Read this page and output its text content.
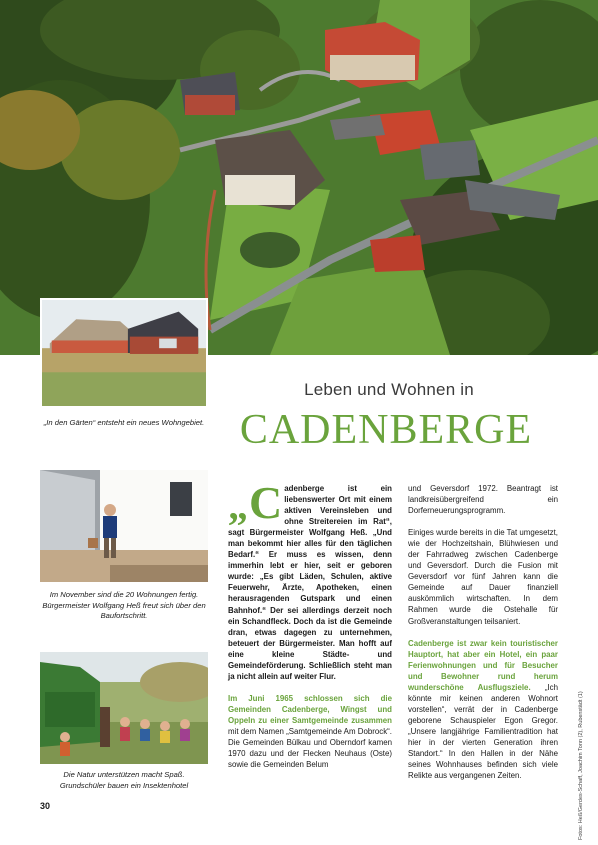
„In den Gärten“ entsteht ein neues Wohngebiet.
Im November sind die 20 Wohnungen fertig. Bürgermeister Wolfgang Heß freut sich über den Baufortschritt.
Die Natur unterstützen macht Spaß. Grundschüler bauen ein Insektenhotel
Leben und Wohnen in
CADENBERGE

„ C adenberge ist ein liebenswerter Ort mit einem aktiven Vereinsleben und ohne Streitereien im Rat“, sagt Bürgermeister Wolfgang Heß. „Und man bekommt hier alles für den täglichen Bedarf.“ Er muss es wissen, denn immerhin lebt er hier, seit er geboren wurde: „Es gibt Läden, Schulen, aktive Feuerwehr, Ärzte, Apotheken, einen herausragenden Gutspark und einen Bahnhof.“ Der sei allerdings derzeit noch ein Schandfleck. Doch da ist die Gemeinde dran, etwas dagegen zu unternehmen, beteuert der Bürgermeister. Man hofft auf eine kleine Städte- und Gemeindeförderung. Schließlich steht man ja nicht allein auf weiter Flur.

Im Juni 1965 schlossen sich die Gemeinden Cadenberge, Wingst und Oppeln zu einer Samtgemeinde zusammen mit dem Namen „Samtgemeinde Am Dobrock“. Die Gemeinden Bülkau und Oberndorf kamen 1970 dazu und der Flecken Neuhaus (Oste) sowie die Gemeinden Belum

und Geversdorf 1972. Beantragt ist landkreisübergreifend ein Dorferneuerungsprogramm.

Einiges wurde bereits in die Tat umgesetzt, wie der Hochzeitshain, Blühwiesen und der Fahrradweg zwischen Cadenberge und Geversdorf. Durch die Fusion mit Geversdorf vor fünf Jahren kann die Gemeinde auf Dauer finanziell auskömmlich wirtschaften. In dem Rahmen wurde die Ostehalle für Großveranstaltungen teilsaniert.

Cadenberge ist zwar kein touristischer Hauptort, hat aber ein Hotel, ein paar Ferienwohnungen und für Besucher und Bewohner rund herum wunderschöne Ausflugsziele. „Ich könnte mir keinen anderen Wohnort vorstellen“, verrät der in Cadenberge geborene Schauspieler Egon Gregor. „Unsere langjährige Familientradition hat hier in der vierten Generation ihren Standort.“ In den Hallen in der Nähe seines Wohnhauses befinden sich viele Relikte aus vergangenen Zeiten.

30	Fotos: Heß/Gerdes-Schaff, Joachim Tonn (2), Rubenstädt (1)
